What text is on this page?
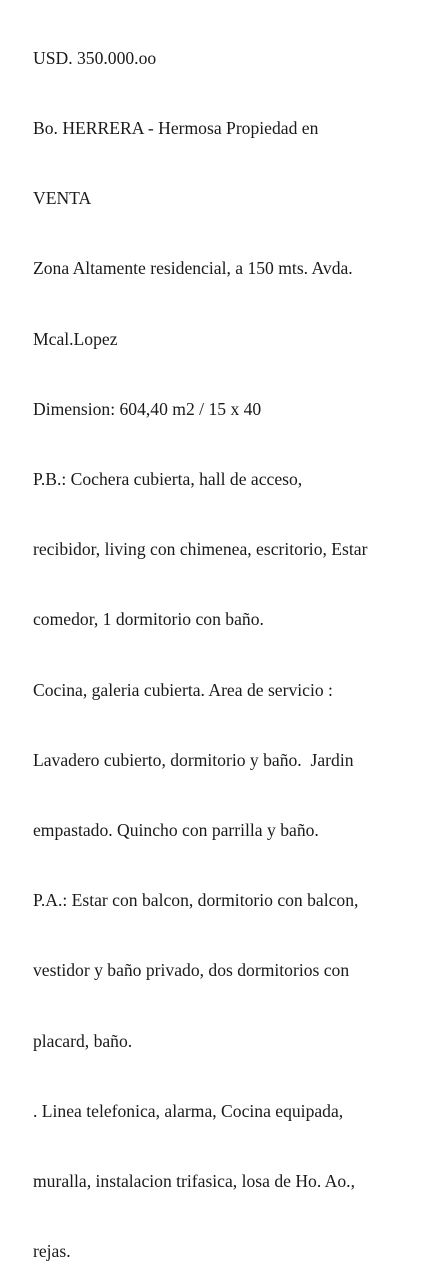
USD. 350.000.oo

Bo. HERRERA - Hermosa Propiedad en

VENTA

Zona Altamente residencial, a 150 mts. Avda.

Mcal.Lopez

Dimension: 604,40 m2 / 15 x 40

P.B.: Cochera cubierta, hall de acceso,

recibidor, living con chimenea, escritorio, Estar

comedor, 1 dormitorio con baño.

Cocina, galeria cubierta. Area de servicio :

Lavadero cubierto, dormitorio y baño.  Jardin

empastado. Quincho con parrilla y baño.

P.A.: Estar con balcon, dormitorio con balcon,

vestidor y baño privado, dos dormitorios con

placard, baño.

. Linea telefonica, alarma, Cocina equipada,

muralla, instalacion trifasica, losa de Ho. Ao.,

rejas.
